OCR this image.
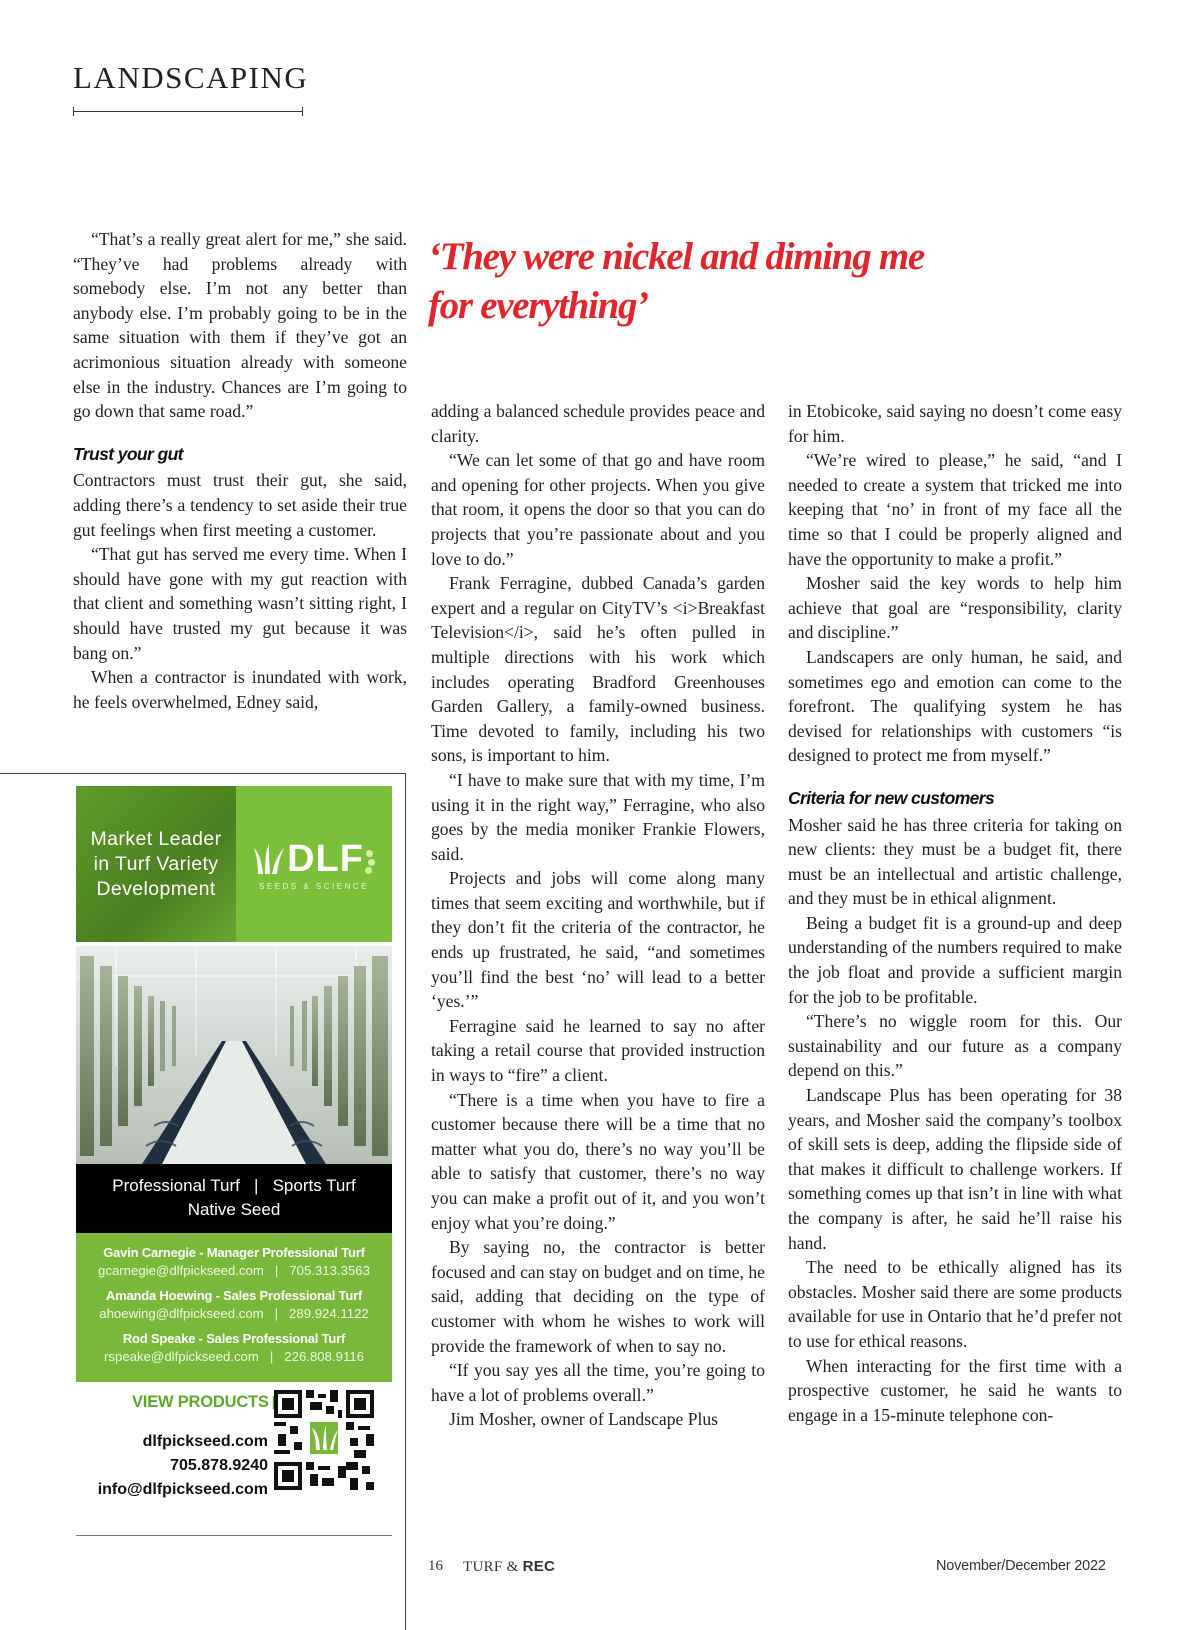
LANDSCAPING
‘They were nickel and diming me
for everything’

“That’s a really great alert for me,” she said. “They’ve had problems already with somebody else. I’m not any better than anybody else. I’m probably going to be in the same situation with them if they’ve got an acrimonious situation already with someone else in the industry. Chances are I’m going to go down that same road.”

Trust your gut

Contractors must trust their gut, she said, adding there’s a tendency to set aside their true gut feelings when first meeting a customer.

“That gut has served me every time. When I should have gone with my gut reaction with that client and something wasn’t sitting right, I should have trusted my gut because it was bang on.”

When a contractor is inundated with work, he feels overwhelmed, Edney said,

adding a balanced schedule provides peace and clarity.

“We can let some of that go and have room and opening for other projects. When you give that room, it opens the door so that you can do projects that you’re passionate about and you love to do.”

Frank Ferragine, dubbed Canada’s garden expert and a regular on CityTV’s <i>Breakfast Television</i>, said he’s often pulled in multiple directions with his work which includes operating Bradford Greenhouses Garden Gallery, a family-owned business. Time devoted to family, including his two sons, is important to him.

“I have to make sure that with my time, I’m using it in the right way,” Ferragine, who also goes by the media moniker Frankie Flowers, said.

Projects and jobs will come along many times that seem exciting and worthwhile, but if they don’t fit the criteria of the contractor, he ends up frustrated, he said, “and sometimes you’ll find the best ‘no’ will lead to a better ‘yes.’”

Ferragine said he learned to say no after taking a retail course that provided instruction in ways to “fire” a client.

“There is a time when you have to fire a customer because there will be a time that no matter what you do, there’s no way you’ll be able to satisfy that customer, there’s no way you can make a profit out of it, and you won’t enjoy what you’re doing.”

By saying no, the contractor is better focused and can stay on budget and on time, he said, adding that deciding on the type of customer with whom he wishes to work will provide the framework of when to say no.

“If you say yes all the time, you’re going to have a lot of problems overall.”

Jim Mosher, owner of Landscape Plus

in Etobicoke, said saying no doesn’t come easy for him.

“We’re wired to please,” he said, “and I needed to create a system that tricked me into keeping that ‘no’ in front of my face all the time so that I could be properly aligned and have the opportunity to make a profit.”

Mosher said the key words to help him achieve that goal are “responsibility, clarity and discipline.”

Landscapers are only human, he said, and sometimes ego and emotion can come to the forefront. The qualifying system he has devised for relationships with customers “is designed to protect me from myself.”

Criteria for new customers

Mosher said he has three criteria for taking on new clients: they must be a budget fit, there must be an intellectual and artistic challenge, and they must be in ethical alignment.

Being a budget fit is a ground-up and deep understanding of the numbers required to make the job float and provide a sufficient margin for the job to be profitable.

“There’s no wiggle room for this. Our sustainability and our future as a company depend on this.”

Landscape Plus has been operating for 38 years, and Mosher said the company’s toolbox of skill sets is deep, adding the flipside side of that makes it difficult to challenge workers. If something comes up that isn’t in line with what the company is after, he said he’ll raise his hand.

The need to be ethically aligned has its obstacles. Mosher said there are some products available for use in Ontario that he’d prefer not to use for ethical reasons.

When interacting for the first time with a prospective customer, he said he wants to engage in a 15-minute telephone con-

Market Leader
in Turf Variety
Development
DLF
SEEDS & SCIENCE
Professional Turf   |   Sports Turf
Native Seed
Gavin Carnegie - Manager Professional Turf
gcarnegie@dlfpickseed.com   |   705.313.3563
Amanda Hoewing - Sales Professional Turf
ahoewing@dlfpickseed.com   |   289.924.1122
Rod Speake - Sales Professional Turf
rspeake@dlfpickseed.com   |   226.808.9116
VIEW PRODUCTS
dlfpickseed.com
705.878.9240
info@dlfpickseed.com
16 TURF & REC	November/December 2022
